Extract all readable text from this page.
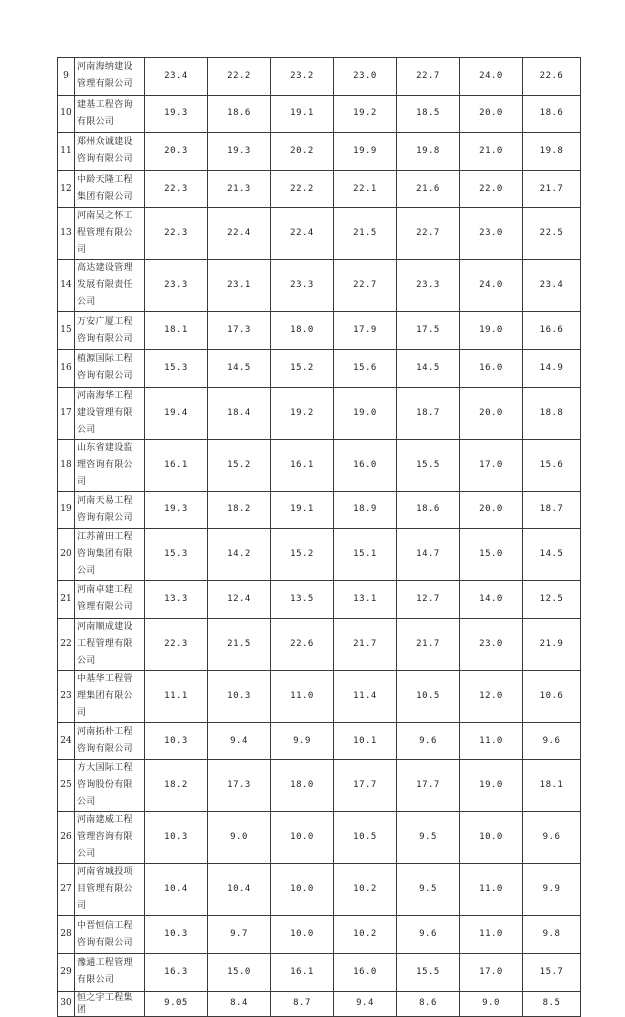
9	河南海纳建设管理有限公司	23.4	22.2	23.2	23.0	22.7	24.0	22.6
10	建基工程咨询有限公司	19.3	18.6	19.1	19.2	18.5	20.0	18.6
11	郑州众诚建设咨询有限公司	20.3	19.3	20.2	19.9	19.8	21.0	19.8
12	中龄天隆工程集团有限公司	22.3	21.3	22.2	22.1	21.6	22.0	21.7
13	河南吴之怀工程管理有限公司	22.3	22.4	22.4	21.5	22.7	23.0	22.5
14	高达建设管理发展有限责任公司	23.3	23.1	23.3	22.7	23.3	24.0	23.4
15	万安广厦工程咨询有限公司	18.1	17.3	18.0	17.9	17.5	19.0	16.6
16	植源国际工程咨询有限公司	15.3	14.5	15.2	15.6	14.5	16.0	14.9
17	河南海华工程建设管理有限公司	19.4	18.4	19.2	19.0	18.7	20.0	18.8
18	山东省建设监理咨询有限公司	16.1	15.2	16.1	16.0	15.5	17.0	15.6
19	河南天易工程咨询有限公司	19.3	18.2	19.1	18.9	18.6	20.0	18.7
20	江苏莆田工程咨询集团有限公司	15.3	14.2	15.2	15.1	14.7	15.0	14.5
21	河南卓建工程管理有限公司	13.3	12.4	13.5	13.1	12.7	14.0	12.5
22	河南顺成建设工程管理有限公司	22.3	21.5	22.6	21.7	21.7	23.0	21.9
23	中基华工程管理集团有限公司	11.1	10.3	11.0	11.4	10.5	12.0	10.6
24	河南拓朴工程咨询有限公司	10.3	9.4	9.9	10.1	9.6	11.0	9.6
25	方大国际工程咨询股份有限公司	18.2	17.3	18.0	17.7	17.7	19.0	18.1
26	河南建威工程管理咨询有限公司	10.3	9.0	10.0	10.5	9.5	10.0	9.6
27	河南省城投项目管理有限公司	10.4	10.4	10.0	10.2	9.5	11.0	9.9
28	中晋恒信工程咨询有限公司	10.3	9.7	10.0	10.2	9.6	11.0	9.8
29	豫通工程管理有限公司	16.3	15.0	16.1	16.0	15.5	17.0	15.7
30	恒之宇工程集团	9.05	8.4	8.7	9.4	8.6	9.0	8.5
